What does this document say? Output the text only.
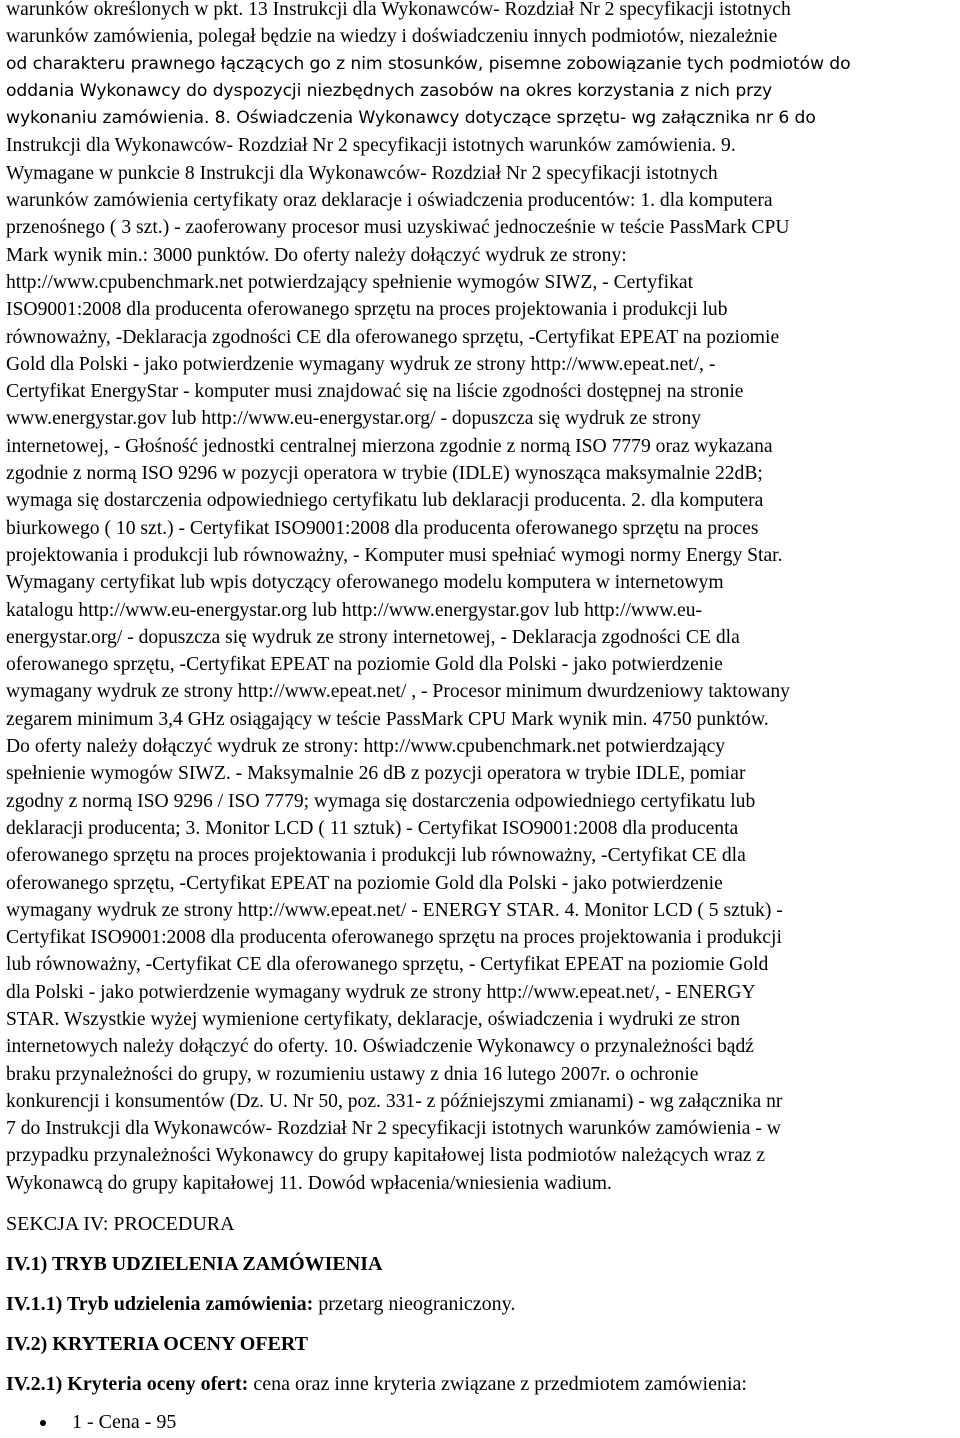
warunków określonych w pkt. 13 Instrukcji dla Wykonawców- Rozdział Nr 2 specyfikacji istotnych
warunków zamówienia, polegał będzie na wiedzy i doświadczeniu innych podmiotów, niezależnie
od charakteru prawnego łączących go z nim stosunków, pisemne zobowiązanie tych podmiotów do
oddania Wykonawcy do dyspozycji niezbędnych zasobów na okres korzystania z nich przy
wykonaniu zamówienia. 8. Oświadczenia Wykonawcy dotyczące sprzętu- wg załącznika nr 6 do
Instrukcji dla Wykonawców- Rozdział Nr 2 specyfikacji istotnych warunków zamówienia. 9.
Wymagane w punkcie 8 Instrukcji dla Wykonawców- Rozdział Nr 2 specyfikacji istotnych
warunków zamówienia certyfikaty oraz deklaracje i oświadczenia producentów: 1. dla komputera
przenośnego ( 3 szt.) - zaoferowany procesor musi uzyskiwać jednocześnie w teście PassMark CPU
Mark wynik min.: 3000 punktów. Do oferty należy dołączyć wydruk ze strony:
http://www.cpubenchmark.net potwierdzający spełnienie wymogów SIWZ, - Certyfikat
ISO9001:2008 dla producenta oferowanego sprzętu na proces projektowania i produkcji lub
równoważny, -Deklaracja zgodności CE dla oferowanego sprzętu, -Certyfikat EPEAT na poziomie
Gold dla Polski - jako potwierdzenie wymagany wydruk ze strony http://www.epeat.net/, -
Certyfikat EnergyStar - komputer musi znajdować się na liście zgodności dostępnej na stronie
www.energystar.gov lub http://www.eu-energystar.org/ - dopuszcza się wydruk ze strony
internetowej, - Głośność jednostki centralnej mierzona zgodnie z normą ISO 7779 oraz wykazana
zgodnie z normą ISO 9296 w pozycji operatora w trybie (IDLE) wynosząca maksymalnie 22dB;
wymaga się dostarczenia odpowiedniego certyfikatu lub deklaracji producenta. 2. dla komputera
biurkowego ( 10 szt.) - Certyfikat ISO9001:2008 dla producenta oferowanego sprzętu na proces
projektowania i produkcji lub równoważny, - Komputer musi spełniać wymogi normy Energy Star.
Wymagany certyfikat lub wpis dotyczący oferowanego modelu komputera w internetowym
katalogu http://www.eu-energystar.org lub http://www.energystar.gov lub http://www.eu-
energystar.org/ - dopuszcza się wydruk ze strony internetowej, - Deklaracja zgodności CE dla
oferowanego sprzętu, -Certyfikat EPEAT na poziomie Gold dla Polski - jako potwierdzenie
wymagany wydruk ze strony http://www.epeat.net/ , - Procesor minimum dwurdzeniowy taktowany
zegarem minimum 3,4 GHz osiągający w teście PassMark CPU Mark wynik min. 4750 punktów.
Do oferty należy dołączyć wydruk ze strony: http://www.cpubenchmark.net potwierdzający
spełnienie wymogów SIWZ. - Maksymalnie 26 dB z pozycji operatora w trybie IDLE, pomiar
zgodny z normą ISO 9296 / ISO 7779; wymaga się dostarczenia odpowiedniego certyfikatu lub
deklaracji producenta; 3. Monitor LCD ( 11 sztuk) - Certyfikat ISO9001:2008 dla producenta
oferowanego sprzętu na proces projektowania i produkcji lub równoważny, -Certyfikat CE dla
oferowanego sprzętu, -Certyfikat EPEAT na poziomie Gold dla Polski - jako potwierdzenie
wymagany wydruk ze strony http://www.epeat.net/ - ENERGY STAR. 4. Monitor LCD ( 5 sztuk) -
Certyfikat ISO9001:2008 dla producenta oferowanego sprzętu na proces projektowania i produkcji
lub równoważny, -Certyfikat CE dla oferowanego sprzętu, - Certyfikat EPEAT na poziomie Gold
dla Polski - jako potwierdzenie wymagany wydruk ze strony http://www.epeat.net/, - ENERGY
STAR. Wszystkie wyżej wymienione certyfikaty, deklaracje, oświadczenia i wydruki ze stron
internetowych należy dołączyć do oferty. 10. Oświadczenie Wykonawcy o przynależności bądź
braku przynależności do grupy, w rozumieniu ustawy z dnia 16 lutego 2007r. o ochronie
konkurencji i konsumentów (Dz. U. Nr 50, poz. 331- z późniejszymi zmianami) - wg załącznika nr
7 do Instrukcji dla Wykonawców- Rozdział Nr 2 specyfikacji istotnych warunków zamówienia - w
przypadku przynależności Wykonawcy do grupy kapitałowej lista podmiotów należących wraz z
Wykonawcą do grupy kapitałowej 11. Dowód wpłacenia/wniesienia wadium.

SEKCJA IV: PROCEDURA
IV.1) TRYB UDZIELENIA ZAMÓWIENIA
IV.1.1) Tryb udzielenia zamówienia: przetarg nieograniczony.
IV.2) KRYTERIA OCENY OFERT
IV.2.1) Kryteria oceny ofert: cena oraz inne kryteria związane z przedmiotem zamówienia:
1 - Cena - 95
